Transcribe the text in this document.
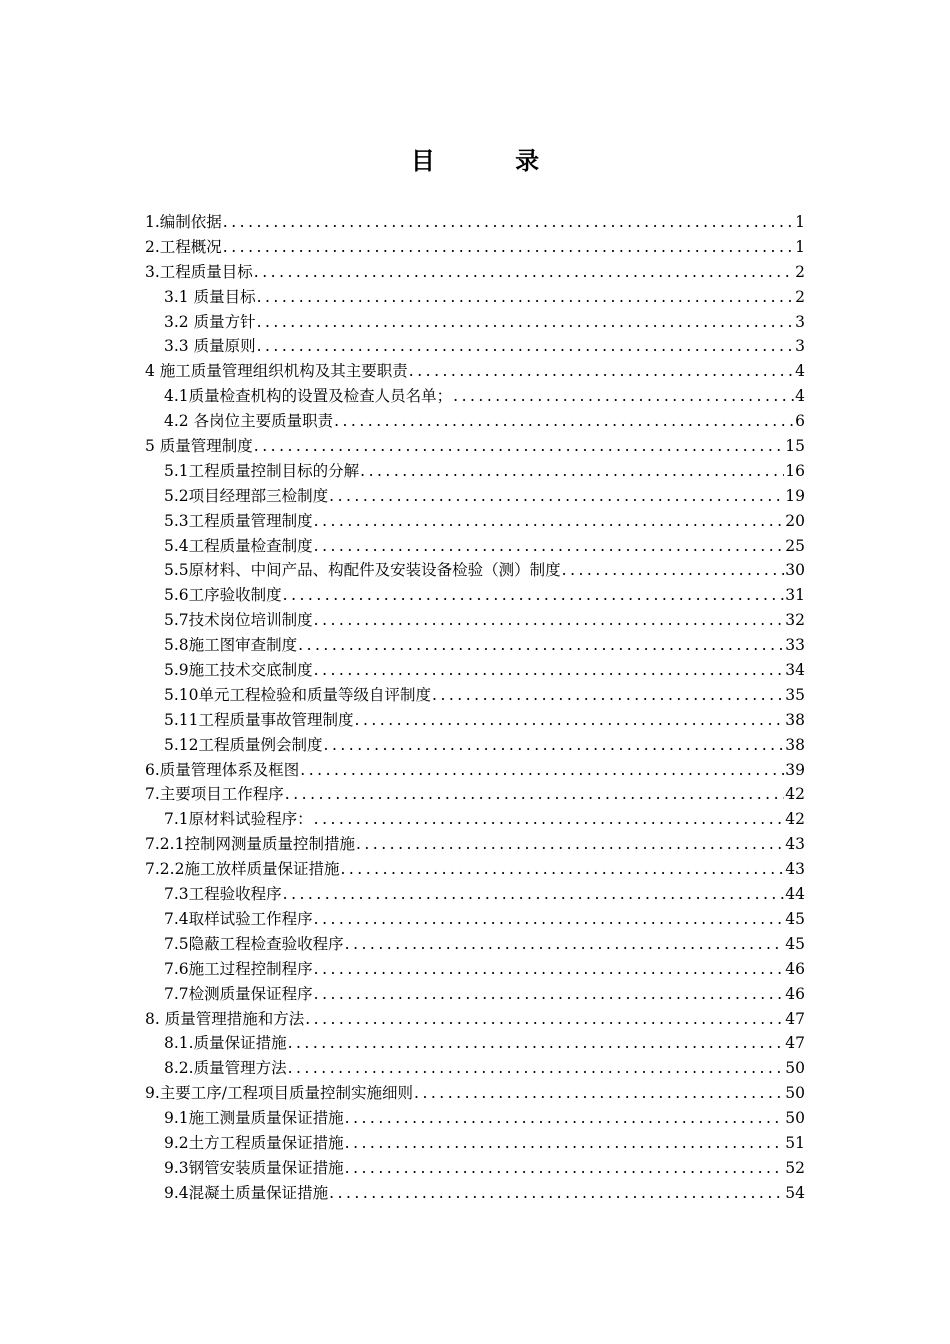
目 录
1.编制依据 .....	1
2.工程概况 .....	1
3.工程质量目标 .....	2
3.1 质量目标 .....	2
3.2 质量方针 .....	3
3.3 质量原则 .....	3
4 施工质量管理组织机构及其主要职责 .....	4
4.1质量检查机构的设置及检查人员名单； .....	4
4.2 各岗位主要质量职责 .....	6
5 质量管理制度 .....	15
5.1工程质量控制目标的分解 .....	16
5.2项目经理部三检制度 .....	19
5.3工程质量管理制度 .....	20
5.4工程质量检查制度 .....	25
5.5原材料、中间产品、构配件及安装设备检验（测）制度 .....	30
5.6工序验收制度 .....	31
5.7技术岗位培训制度 .....	32
5.8施工图审查制度 .....	33
5.9施工技术交底制度 .....	34
5.10单元工程检验和质量等级自评制度 .....	35
5.11工程质量事故管理制度 .....	38
5.12工程质量例会制度 .....	38
6.质量管理体系及框图 .....	39
7.主要项目工作程序 .....	42
7.1原材料试验程序： .....	42
7.2.1控制网测量质量控制措施 .....	43
7.2.2施工放样质量保证措施 .....	43
7.3工程验收程序 .....	44
7.4取样试验工作程序 .....	45
7.5隐蔽工程检查验收程序 .....	45
7.6施工过程控制程序 .....	46
7.7检测质量保证程序 .....	46
8. 质量管理措施和方法 .....	47
8.1.质量保证措施 .....	47
8.2.质量管理方法 .....	50
9.主要工序/工程项目质量控制实施细则 .....	50
9.1施工测量质量保证措施 .....	50
9.2土方工程质量保证措施 .....	51
9.3钢管安装质量保证措施 .....	52
9.4混凝土质量保证措施 .....	54
